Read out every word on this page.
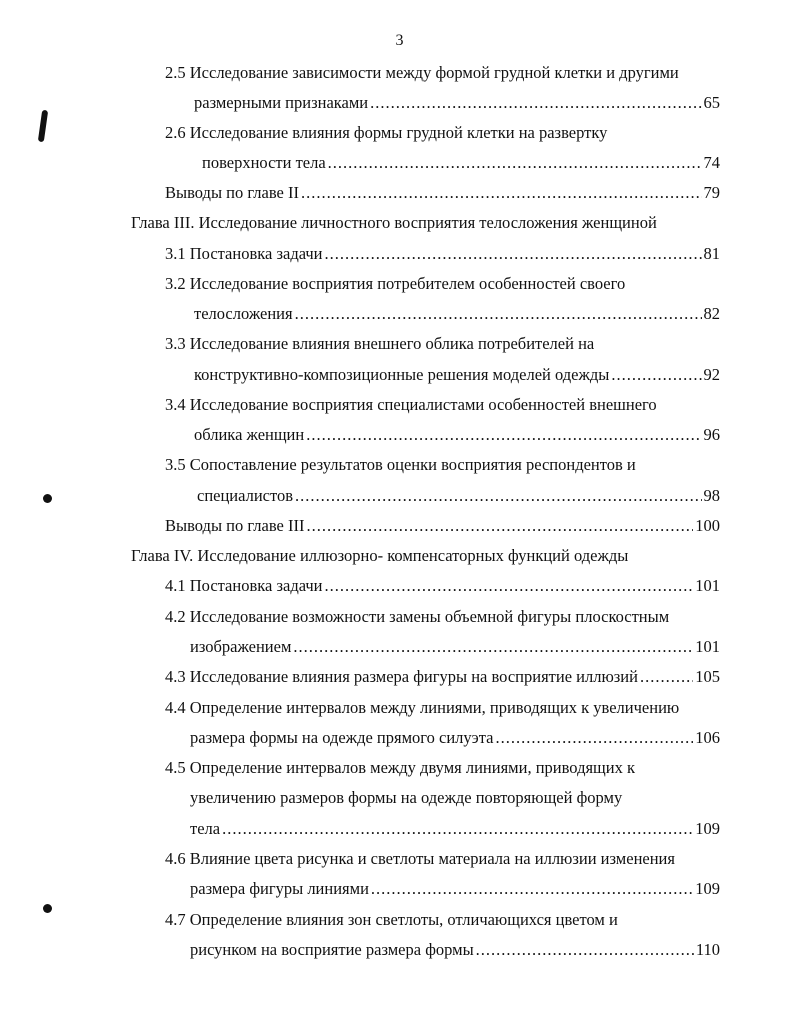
3
2.5 Исследование зависимости между формой грудной клетки и другими
размерными признаками .....	65
2.6 Исследование влияния формы грудной клетки на развертку
поверхности тела .....	74
Выводы по главе II .....	79
Глава III. Исследование личностного восприятия телосложения женщиной
3.1 Постановка задачи .....	81
3.2 Исследование восприятия потребителем особенностей своего
телосложения .....	82
3.3 Исследование влияния внешнего облика потребителей на
конструктивно-композиционные решения моделей одежды .....	92
3.4 Исследование восприятия специалистами особенностей внешнего
облика женщин .....	96
3.5 Сопоставление результатов оценки восприятия респондентов и
специалистов .....	98
Выводы по главе III .....	100
Глава IV. Исследование иллюзорно- компенсаторных функций одежды
4.1 Постановка задачи .....	101
4.2 Исследование возможности замены объемной фигуры плоскостным
изображением .....	101
4.3 Исследование влияния размера фигуры на восприятие иллюзий .....	105
4.4 Определение интервалов между линиями, приводящих к увеличению
размера формы на одежде прямого силуэта .....	106
4.5 Определение интервалов между двумя линиями, приводящих к
увеличению размеров формы на одежде повторяющей форму
тела .....	109
4.6 Влияние цвета рисунка и светлоты материала на иллюзии изменения
размера фигуры линиями .....	109
4.7 Определение влияния зон светлоты, отличающихся цветом и
рисунком на восприятие размера формы .....	110
